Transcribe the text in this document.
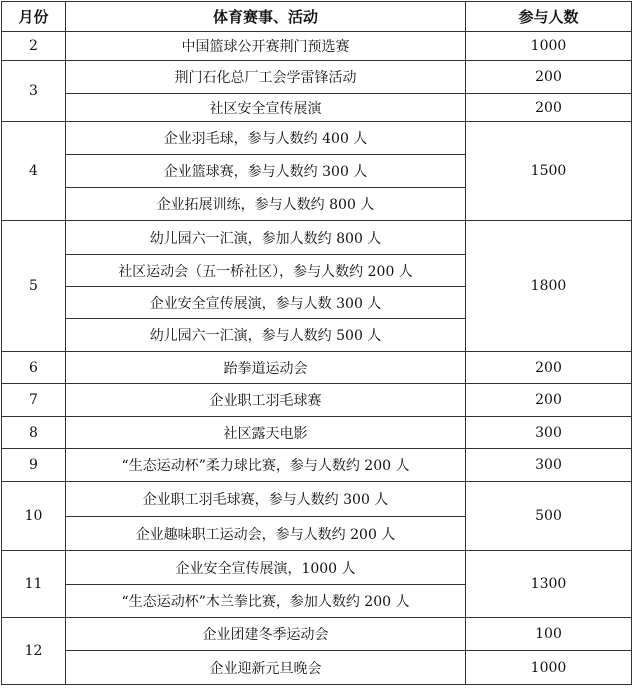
月份	体育赛事、活动	参与人数
2	中国篮球公开赛荆门预选赛	1000
3	荆门石化总厂工会学雷锋活动	200
	社区安全宣传展演	200
4	企业羽毛球，参与人数约 400 人	1500
	企业篮球赛，参与人数约 300 人	
	企业拓展训练，参与人数约 800 人	
5	幼儿园六一汇演，参加人数约 800 人	1800
	社区运动会（五一桥社区），参与人数约 200 人	
	企业安全宣传展演，参与人数 300 人	
	幼儿园六一汇演，参与人数约 500 人	
6	跆拳道运动会	200
7	企业职工羽毛球赛	200
8	社区露天电影	300
9	“生态运动杯”柔力球比赛，参与人数约 200 人	300
10	企业职工羽毛球赛，参与人数约 300 人	500
	企业趣味职工运动会，参与人数约 200 人	
11	企业安全宣传展演，1000 人	1300
	“生态运动杯”木兰拳比赛，参加人数约 200 人	
12	企业团建冬季运动会	100
	企业迎新元旦晚会	1000
